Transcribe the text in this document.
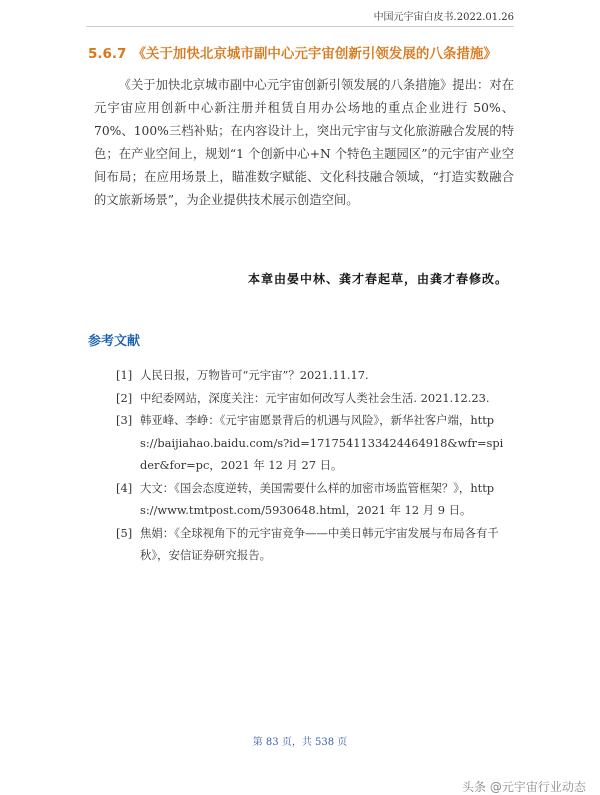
中国元宇宙白皮书.2022.01.26
5.6.7 《关于加快北京城市副中心元宇宙创新引领发展的八条措施》

《关于加快北京城市副中心元宇宙创新引领发展的八条措施》提出：对在元宇宙应用创新中心新注册并租赁自用办公场地的重点企业进行 50%、70%、100%三档补贴；在内容设计上，突出元宇宙与文化旅游融合发展的特色；在产业空间上，规划“1 个创新中心+N 个特色主题园区”的元宇宙产业空间布局；在应用场景上，瞄准数字赋能、文化科技融合领域，“打造实数融合的文旅新场景”，为企业提供技术展示创造空间。

本章由晏中林、龚才春起草，由龚才春修改。
参考文献
[1] 人民日报，万物皆可“元宇宙”？2021.11.17.
[2] 中纪委网站，深度关注：元宇宙如何改写人类社会生活. 2021.12.23.
[3] 韩亚峰、李峥：《元宇宙愿景背后的机遇与风险》，新华社客户端，https://baijiahao.baidu.com/s?id=1717541133424464918&wfr=spider&for=pc，2021 年 12 月 27 日。
[4] 大文：《国会态度逆转，美国需要什么样的加密市场监管框架？》，https://www.tmtpost.com/5930648.html，2021 年 12 月 9 日。
[5] 焦娟：《全球视角下的元宇宙竞争——中美日韩元宇宙发展与布局各有千秋》，安信证券研究报告。
第 83 页，共 538 页
头条 @元宇宙行业动态
